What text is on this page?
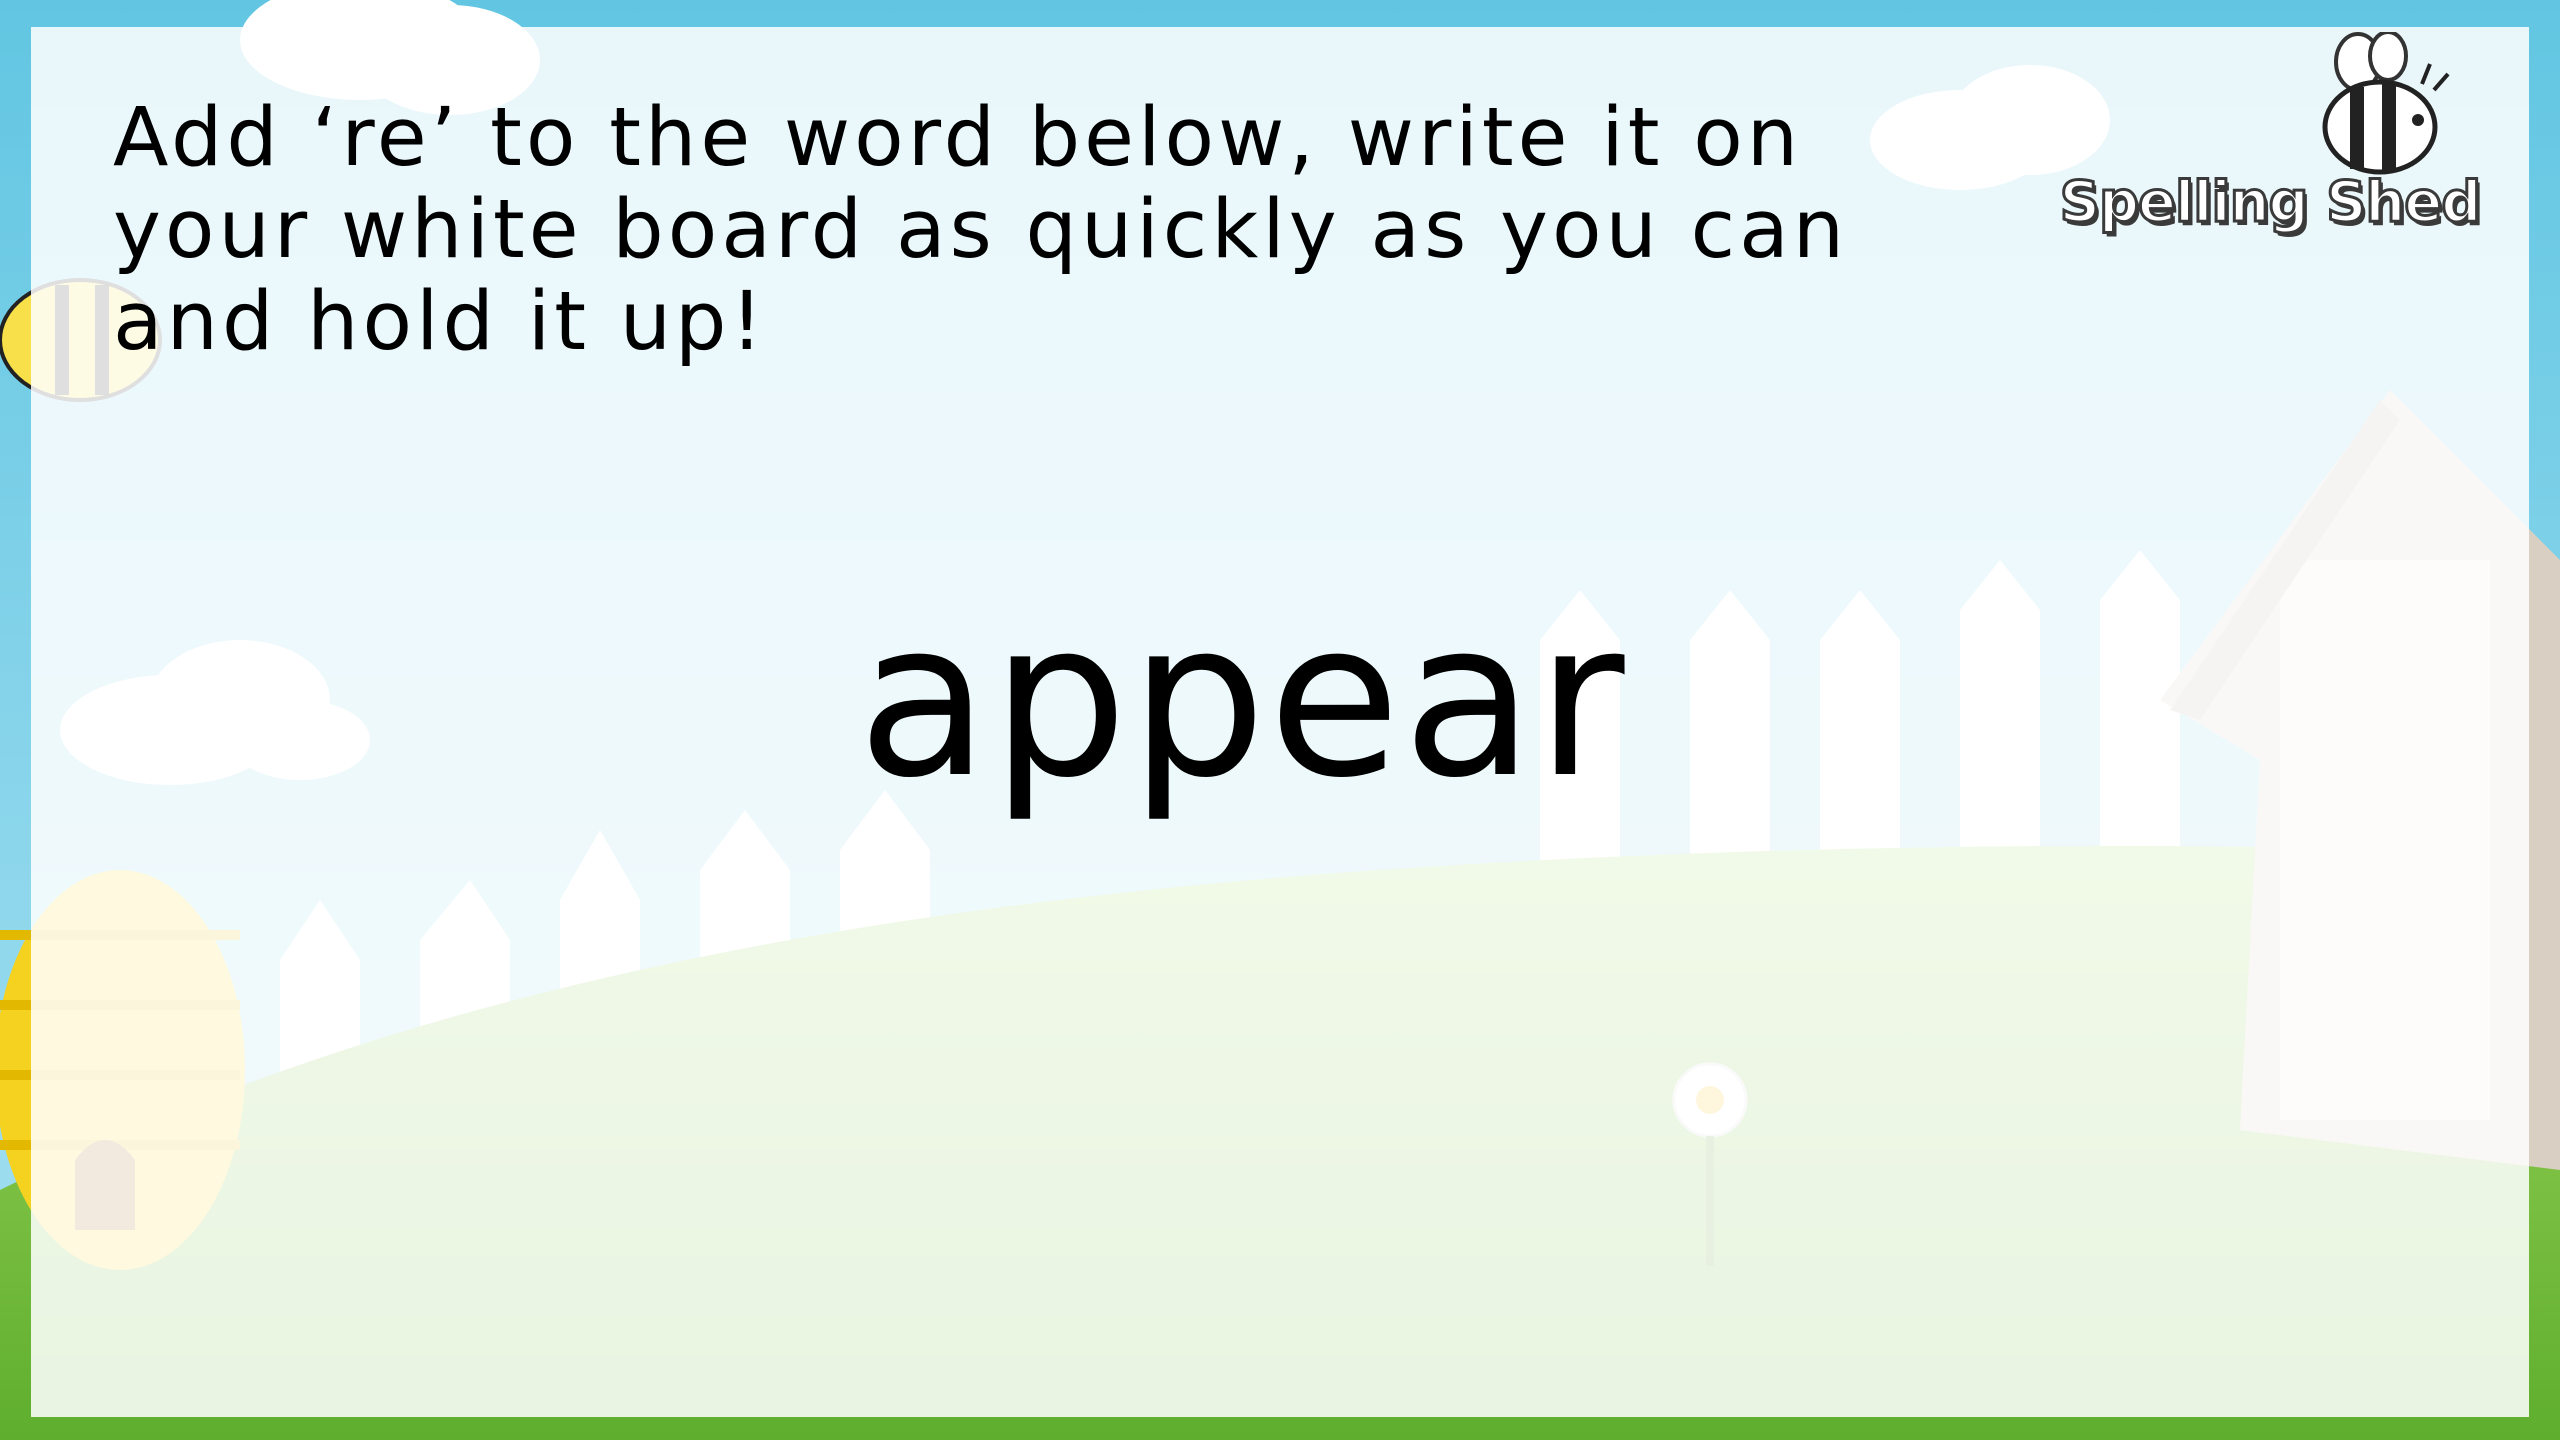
Add ‘re’ to the word below, write it on your white board as quickly as you can and hold it up!

appear

Spelling Shed
